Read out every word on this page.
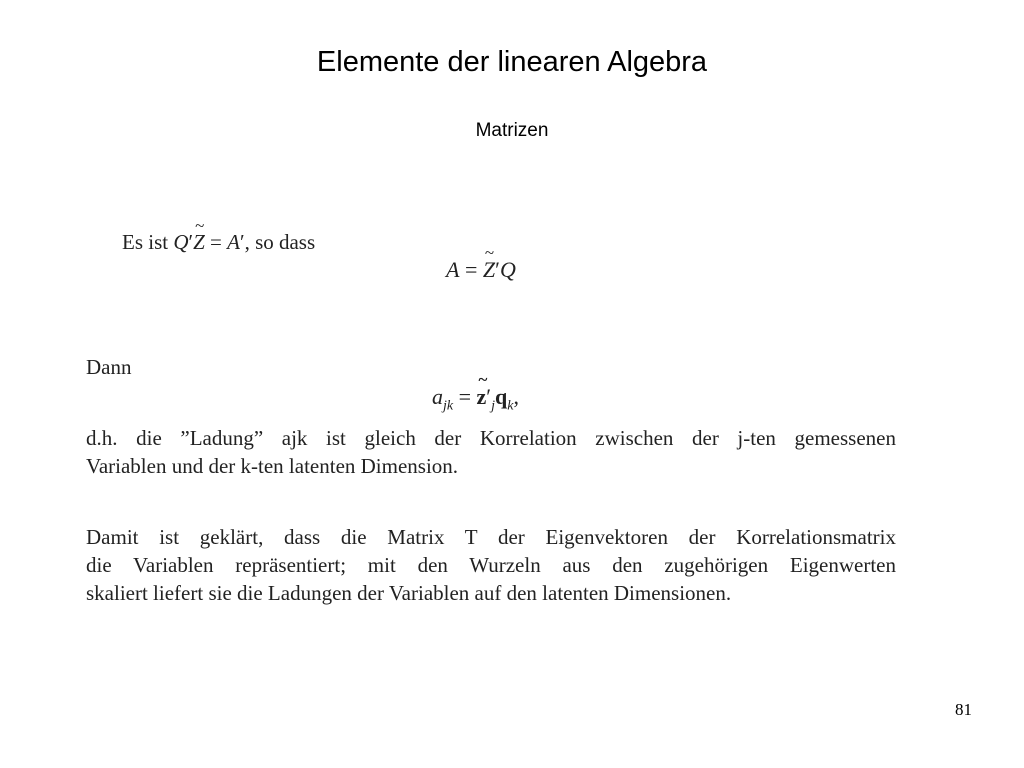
Elemente der linearen Algebra
Matrizen
Es ist Q′~ Z = A′, so dass
A = ~ Z′Q
Dann
$a_{jk}$ = ~ $z'_jq_k$,
d.h. die ”Ladung” ajk ist gleich der Korrelation zwischen der j-ten gemessenen
Variablen und der k-ten latenten Dimension.
Damit ist geklärt, dass die Matrix T der Eigenvektoren der Korrelationsmatrix
die Variablen repräsentiert; mit den Wurzeln aus den zugehörigen Eigenwerten
skaliert liefert sie die Ladungen der Variablen auf den latenten Dimensionen.
81
